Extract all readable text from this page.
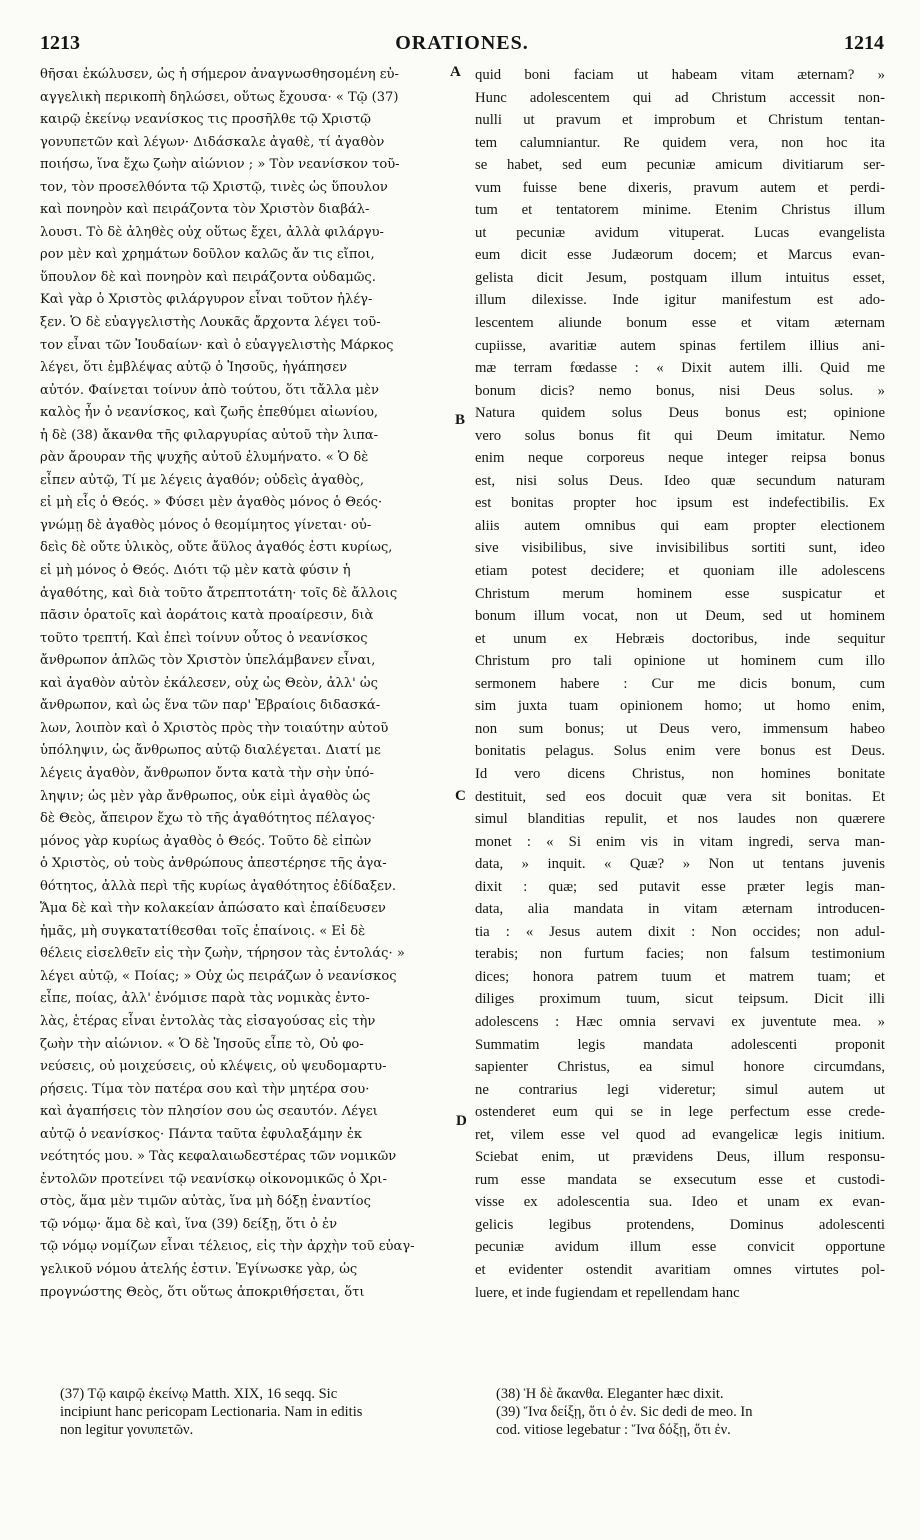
1213	ORATIONES.	1214
θῆσαι ἐκώλυσεν, ὡς ἡ σήμερον ἀναγνωσθησομένη εὐ-
αγγελικὴ περικοπὴ δηλώσει, οὕτως ἔχουσα· « Τῷ (37)
καιρῷ ἐκείνῳ νεανίσκος τις προσῆλθε τῷ Χριστῷ
γονυπετῶν καὶ λέγων· Διδάσκαλε ἀγαθὲ, τί ἀγαθὸν
ποιήσω, ἵνα ἔχω ζωὴν αἰώνιον ; » Τὸν νεανίσκον τοῦ-
τον, τὸν προσελθόντα τῷ Χριστῷ, τινὲς ὡς ὕπουλον
καὶ πονηρὸν καὶ πειράζοντα τὸν Χριστὸν διαβάλ-
λουσι. Τὸ δὲ ἀληθὲς οὐχ οὕτως ἔχει, ἀλλὰ φιλάργυ-
ρον μὲν καὶ χρημάτων δοῦλον καλῶς ἄν τις εἴποι,
ὕπουλον δὲ καὶ πονηρὸν καὶ πειράζοντα οὐδαμῶς.
Καὶ γὰρ ὁ Χριστὸς φιλάργυρον εἶναι τοῦτον ἠλέγ-
ξεν. Ὁ δὲ εὐαγγελιστὴς Λουκᾶς ἄρχοντα λέγει τοῦ-
τον εἶναι τῶν Ἰουδαίων· καὶ ὁ εὐαγγελιστὴς Μάρκος
λέγει, ὅτι ἐμβλέψας αὐτῷ ὁ Ἰησοῦς, ἠγάπησεν
αὐτόν. Φαίνεται τοίνυν ἀπὸ τούτου, ὅτι τἄλλα μὲν
καλὸς ἦν ὁ νεανίσκος, καὶ ζωῆς ἐπεθύμει αἰωνίου,
ἡ δὲ (38) ἄκανθα τῆς φιλαργυρίας αὐτοῦ τὴν λιπα-
ρὰν ἄρουραν τῆς ψυχῆς αὐτοῦ ἐλυμήνατο. « Ὁ δὲ
εἶπεν αὐτῷ, Τί με λέγεις ἀγαθόν; οὐδεὶς ἀγαθὸς,
εἰ μὴ εἷς ὁ Θεός. » Φύσει μὲν ἀγαθὸς μόνος ὁ Θεός·
γνώμῃ δὲ ἀγαθὸς μόνος ὁ θεομίμητος γίνεται· οὐ-
δεὶς δὲ οὔτε ὑλικὸς, οὔτε ἄϋλος ἀγαθός ἐστι κυρίως,
εἰ μὴ μόνος ὁ Θεός. Διότι τῷ μὲν κατὰ φύσιν ἡ
ἀγαθότης, καὶ διὰ τοῦτο ἄτρεπτοτάτη· τοῖς δὲ ἄλλοις
πᾶσιν ὁρατοῖς καὶ ἀοράτοις κατὰ προαίρεσιν, διὰ
τοῦτο τρεπτή. Καὶ ἐπεὶ τοίνυν οὗτος ὁ νεανίσκος
ἄνθρωπον ἁπλῶς τὸν Χριστὸν ὑπελάμβανεν εἶναι,
καὶ ἀγαθὸν αὐτὸν ἐκάλεσεν, οὐχ ὡς Θεὸν, ἀλλ' ὡς
ἄνθρωπον, καὶ ὡς ἕνα τῶν παρ' Ἑβραίοις διδασκά-
λων, λοιπὸν καὶ ὁ Χριστὸς πρὸς τὴν τοιαύτην αὐτοῦ
ὑπόληψιν, ὡς ἄνθρωπος αὐτῷ διαλέγεται. Διατί με
λέγεις ἀγαθὸν, ἄνθρωπον ὄντα κατὰ τὴν σὴν ὑπό-
ληψιν; ὡς μὲν γὰρ ἄνθρωπος, οὐκ εἰμὶ ἀγαθὸς ὡς
δὲ Θεὸς, ἄπειρον ἔχω τὸ τῆς ἀγαθότητος πέλαγος·
μόνος γὰρ κυρίως ἀγαθὸς ὁ Θεός. Τοῦτο δὲ εἰπὼν
ὁ Χριστὸς, οὐ τοὺς ἀνθρώπους ἀπεστέρησε τῆς ἀγα-
θότητος, ἀλλὰ περὶ τῆς κυρίως ἀγαθότητος ἐδίδαξεν.
Ἅμα δὲ καὶ τὴν κολακείαν ἀπώσατο καὶ ἐπαίδευσεν
ἡμᾶς, μὴ συγκατατίθεσθαι τοῖς ἐπαίνοις. « Εἰ δὲ
θέλεις εἰσελθεῖν εἰς τὴν ζωὴν, τήρησον τὰς ἐντολάς· »
λέγει αὐτῷ, « Ποίας; » Οὐχ ὡς πειράζων ὁ νεανίσκος
εἶπε, ποίας, ἀλλ' ἐνόμισε παρὰ τὰς νομικὰς ἐντο-
λὰς, ἑτέρας εἶναι ἐντολὰς τὰς εἰσαγούσας εἰς τὴν
ζωὴν τὴν αἰώνιον. « Ὁ δὲ Ἰησοῦς εἶπε τὸ, Οὐ φο-
νεύσεις, οὐ μοιχεύσεις, οὐ κλέψεις, οὐ ψευδομαρτυ-
ρήσεις. Τίμα τὸν πατέρα σου καὶ τὴν μητέρα σου·
καὶ ἀγαπήσεις τὸν πλησίον σου ὡς σεαυτόν. Λέγει
αὐτῷ ὁ νεανίσκος· Πάντα ταῦτα ἐφυλαξάμην ἐκ
νεότητός μου. » Τὰς κεφαλαιωδεστέρας τῶν νομικῶν
ἐντολῶν προτείνει τῷ νεανίσκῳ οἰκονομικῶς ὁ Χρι-
στὸς, ἅμα μὲν τιμῶν αὐτὰς, ἵνα μὴ δόξῃ ἐναντίος
τῷ νόμῳ· ἅμα δὲ καὶ, ἵνα (39) δείξῃ, ὅτι ὁ ἐν
τῷ νόμῳ νομίζων εἶναι τέλειος, εἰς τὴν ἀρχὴν τοῦ εὐαγ-
γελικοῦ νόμου ἀτελής ἐστιν. Ἐγίνωσκε γὰρ, ὡς
προγνώστης Θεὸς, ὅτι οὕτως ἀποκριθήσεται, ὅτι
quid boni faciam ut habeam vitam æternam? »
Hunc adolescentem qui ad Christum accessit non-
nulli ut pravum et improbum et Christum tentan-
tem calumniantur. Re quidem vera, non hoc ita
se habet, sed eum pecuniæ amicum divitiarum ser-
vum fuisse bene dixeris, pravum autem et perdi-
tum et tentatorem minime. Etenim Christus illum
ut pecuniæ avidum vituperat. Lucas evangelista
eum dicit esse Judæorum docem; et Marcus evan-
gelista dicit Jesum, postquam illum intuitus esset,
illum dilexisse. Inde igitur manifestum est ado-
lescentem aliunde bonum esse et vitam æternam
cupiisse, avaritiæ autem spinas fertilem illius ani-
mæ terram fœdasse : « Dixit autem illi. Quid me
bonum dicis? nemo bonus, nisi Deus solus. »
Natura quidem solus Deus bonus est; opinione
vero solus bonus fit qui Deum imitatur. Nemo
enim neque corporeus neque integer reipsa bonus
est, nisi solus Deus. Ideo quæ secundum naturam
est bonitas propter hoc ipsum est indefectibilis. Ex
aliis autem omnibus qui eam propter electionem
sive visibilibus, sive invisibilibus sortiti sunt, ideo
etiam potest decidere; et quoniam ille adolescens
Christum merum hominem esse suspicatur et
bonum illum vocat, non ut Deum, sed ut hominem
et unum ex Hebræis doctoribus, inde sequitur
Christum pro tali opinione ut hominem cum illo
sermonem habere : Cur me dicis bonum, cum
sim juxta tuam opinionem homo; ut homo enim,
non sum bonus; ut Deus vero, immensum habeo
bonitatis pelagus. Solus enim vere bonus est Deus.
Id vero dicens Christus, non homines bonitate
destituit, sed eos docuit quæ vera sit bonitas. Et
simul blanditias repulit, et nos laudes non quærere
monet : « Si enim vis in vitam ingredi, serva man-
data, » inquit. « Quæ? » Non ut tentans juvenis
dixit : quæ; sed putavit esse præter legis man-
data, alia mandata in vitam æternam introducen-
tia : « Jesus autem dixit : Non occides; non adul-
terabis; non furtum facies; non falsum testimonium
dices; honora patrem tuum et matrem tuam; et
diliges proximum tuum, sicut teipsum. Dicit illi
adolescens : Hæc omnia servavi ex juventute mea. »
Summatim legis mandata adolescenti proponit
sapienter Christus, ea simul honore circumdans,
ne contrarius legi videretur; simul autem ut
ostenderet eum qui se in lege perfectum esse crede-
ret, vilem esse vel quod ad evangelicæ legis initium.
Sciebat enim, ut prævidens Deus, illum responsu-
rum esse mandata se exsecutum esse et custodi-
visse ex adolescentia sua. Ideo et unam ex evan-
gelicis legibus protendens, Dominus adolescenti
pecuniæ avidum illum esse convicit opportune
et evidenter ostendit avaritiam omnes virtutes pol-
luere, et inde fugiendam et repellendam hanc
A
B
C
D
(37) Τῷ καιρῷ ἐκείνῳ Matth. XIX, 16 seqq. Sic
incipiunt hanc pericopam Lectionaria. Nam in editis
non legitur γονυπετῶν.
(38) Ἡ δὲ ἄκανθα. Eleganter hæc dixit.
(39) Ἵνα δείξῃ, ὅτι ὁ ἐν. Sic dedi de meo. In
cod. vitiose legebatur : Ἵνα δόξῃ, ὅτι ἐν.
